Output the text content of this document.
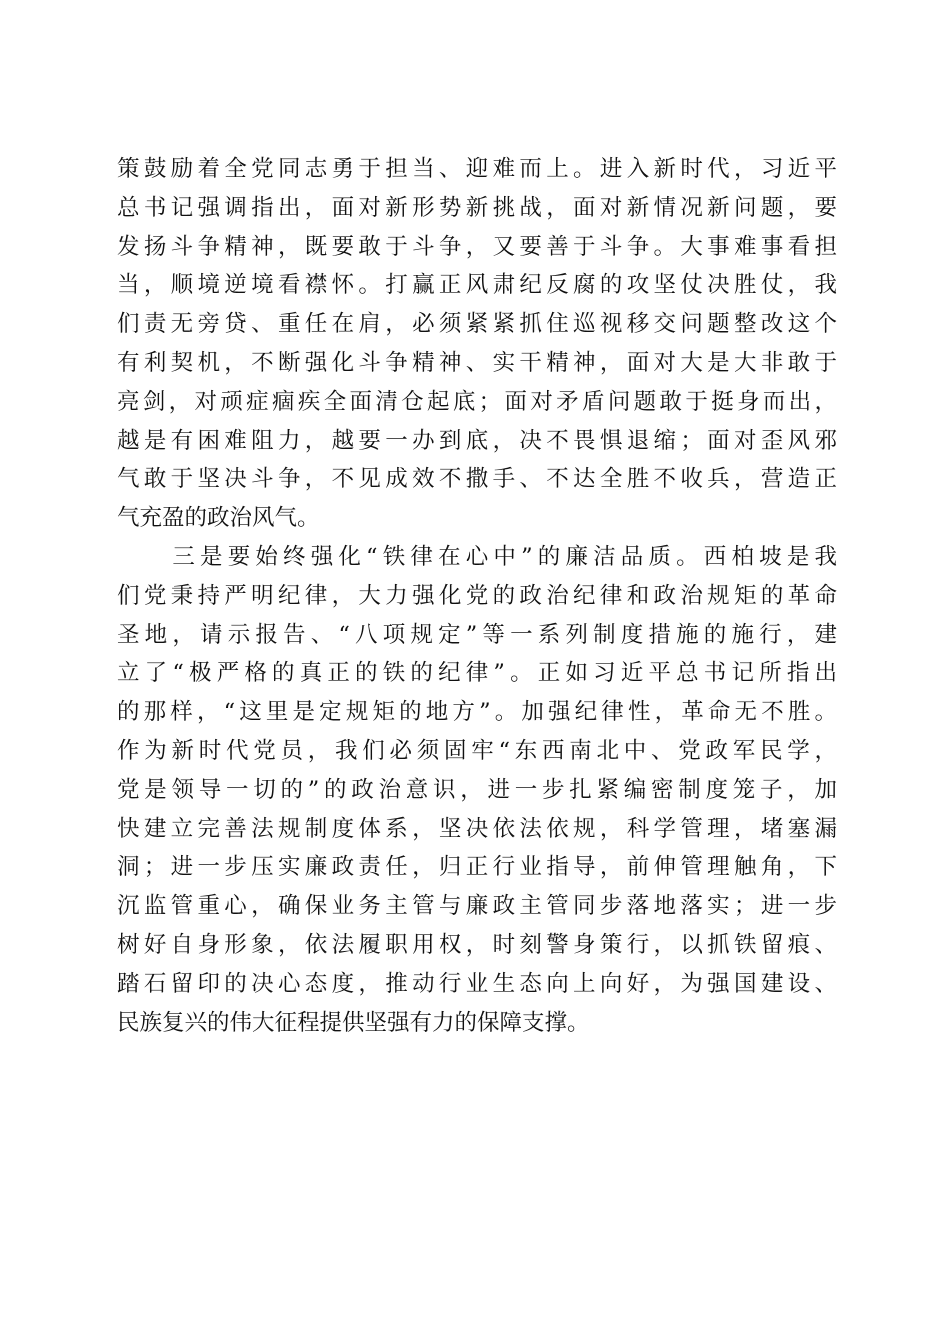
策鼓励着全党同志勇于担当、迎难而上。进入新时代，习近平
总书记强调指出，面对新形势新挑战，面对新情况新问题，要
发扬斗争精神，既要敢于斗争，又要善于斗争。大事难事看担
当，顺境逆境看襟怀。打赢正风肃纪反腐的攻坚仗决胜仗，我
们责无旁贷、重任在肩，必须紧紧抓住巡视移交问题整改这个
有利契机，不断强化斗争精神、实干精神，面对大是大非敢于
亮剑，对顽症痼疾全面清仓起底；面对矛盾问题敢于挺身而出，
越是有困难阻力，越要一办到底，决不畏惧退缩；面对歪风邪
气敢于坚决斗争，不见成效不撒手、不达全胜不收兵，营造正
气充盈的政治风气。
　　三是要始终强化“铁律在心中”的廉洁品质。西柏坡是我
们党秉持严明纪律，大力强化党的政治纪律和政治规矩的革命
圣地，请示报告、“八项规定”等一系列制度措施的施行，建
立了“极严格的真正的铁的纪律”。正如习近平总书记所指出
的那样，“这里是定规矩的地方”。加强纪律性，革命无不胜。
作为新时代党员，我们必须固牢“东西南北中、党政军民学，
党是领导一切的”的政治意识，进一步扎紧编密制度笼子，加
快建立完善法规制度体系，坚决依法依规，科学管理，堵塞漏
洞；进一步压实廉政责任，归正行业指导，前伸管理触角，下
沉监管重心，确保业务主管与廉政主管同步落地落实；进一步
树好自身形象，依法履职用权，时刻警身策行，以抓铁留痕、
踏石留印的决心态度，推动行业生态向上向好，为强国建设、
民族复兴的伟大征程提供坚强有力的保障支撑。
